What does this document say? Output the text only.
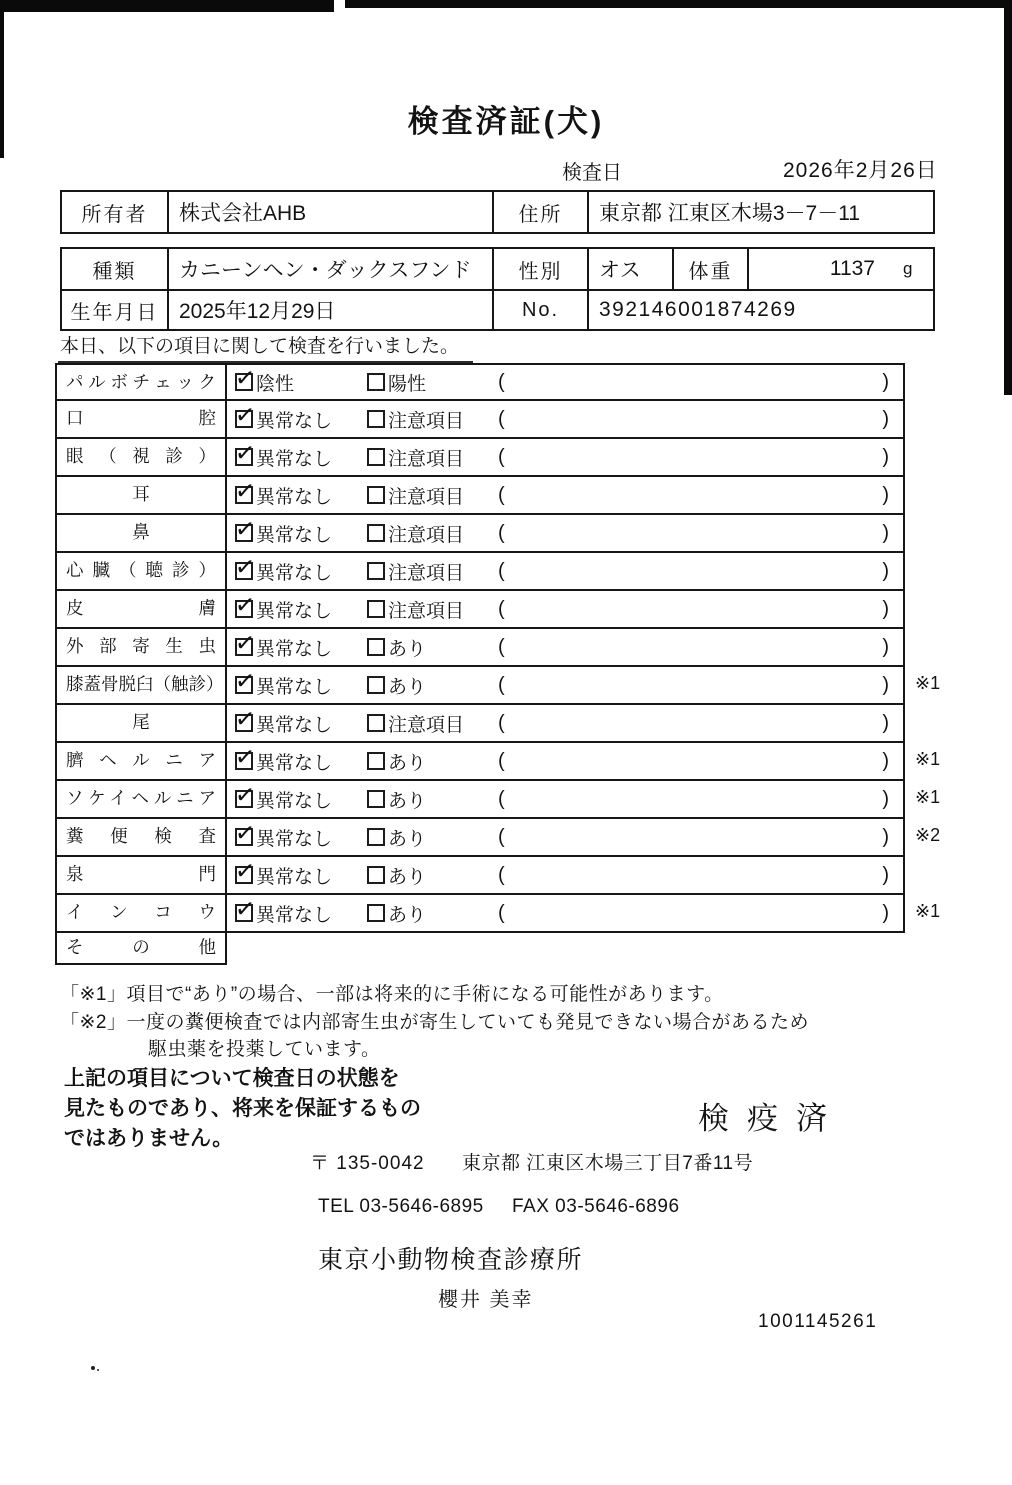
検査済証(犬)
検査日	2026年2月26日
所有者	株式会社AHB	住所	東京都 江東区木場3－7－11
種類	カニーンヘン・ダックスフンド	性別	オス	体重	1137	g
生年月日 2025年12月29日	No.	392146001874269
本日、以下の項目に関して検査を行いました。
パルボチェック ✓	陰性	陽性	(	)
口腔 ✓	異常なし	注意項目 (	)
眼（視診） ✓	異常なし	注意項目 (	)
耳 ✓	異常なし	注意項目 (	)
鼻 ✓	異常なし	注意項目 (	)
心臓（聴診） ✓	異常なし	注意項目 (	)
皮膚 ✓	異常なし	注意項目 (	)
外部寄生虫 ✓	異常なし	あり	(	)
膝蓋骨脱臼（触診） ✓ 異常なし	あり	(	) ※1
尾 ✓	異常なし	注意項目 (	)
臍ヘルニア ✓	異常なし	あり	(	) ※1
ソケイヘルニア ✓	異常なし	あり	(	) ※1
糞便検査 ✓	異常なし	あり	(	) ※2
泉門 ✓	異常なし	あり	(	)
インコウ ✓	異常なし	あり	(	) ※1
その他
「※1」項目で“あり”の場合、一部は将来的に手術になる可能性があります。
「※2」一度の糞便検査では内部寄生虫が寄生していても発見できない場合があるため
駆虫薬を投薬しています。
上記の項目について検査日の状態を
見たものであり、将来を保証するもの
ではありません。
検疫済
〒 135-0042 東京都 江東区木場三丁目7番11号
TEL 03-5646-6895 FAX 03-5646-6896
東京小動物検査診療所
櫻井 美幸
1001145261
